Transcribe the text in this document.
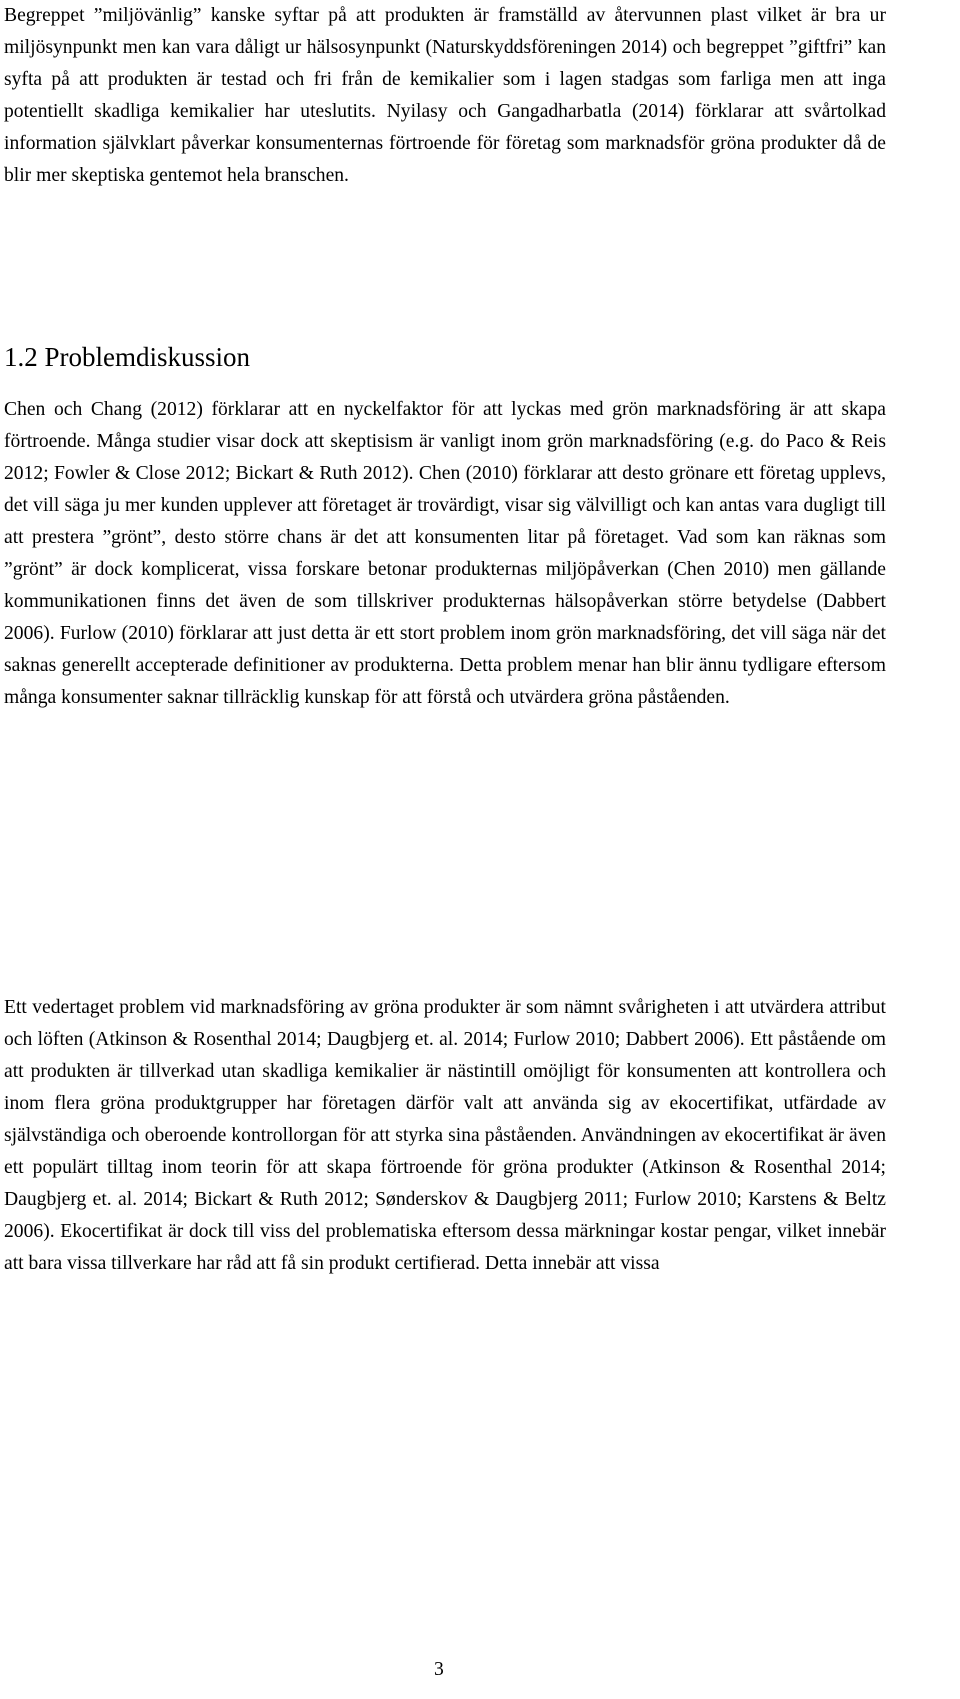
Begreppet ”miljövänlig” kanske syftar på att produkten är framställd av återvunnen plast vilket är bra ur miljösynpunkt men kan vara dåligt ur hälsosynpunkt (Naturskyddsföreningen 2014) och begreppet ”giftfri” kan syfta på att produkten är testad och fri från de kemikalier som i lagen stadgas som farliga men att inga potentiellt skadliga kemikalier har uteslutits. Nyilasy och Gangadharbatla (2014) förklarar att svårtolkad information självklart påverkar konsumenternas förtroende för företag som marknadsför gröna produkter då de blir mer skeptiska gentemot hela branschen.

1.2 Problemdiskussion

Chen och Chang (2012) förklarar att en nyckelfaktor för att lyckas med grön marknadsföring är att skapa förtroende. Många studier visar dock att skeptisism är vanligt inom grön marknadsföring (e.g. do Paco & Reis 2012; Fowler & Close 2012; Bickart & Ruth 2012). Chen (2010) förklarar att desto grönare ett företag upplevs, det vill säga ju mer kunden upplever att företaget är trovärdigt, visar sig välvilligt och kan antas vara dugligt till att prestera ”grönt”, desto större chans är det att konsumenten litar på företaget. Vad som kan räknas som ”grönt” är dock komplicerat, vissa forskare betonar produkternas miljöpåverkan (Chen 2010) men gällande kommunikationen finns det även de som tillskriver produkternas hälsopåverkan större betydelse (Dabbert 2006). Furlow (2010) förklarar att just detta är ett stort problem inom grön marknadsföring, det vill säga när det saknas generellt accepterade definitioner av produkterna. Detta problem menar han blir ännu tydligare eftersom många konsumenter saknar tillräcklig kunskap för att förstå och utvärdera gröna påståenden.

Ett vedertaget problem vid marknadsföring av gröna produkter är som nämnt svårigheten i att utvärdera attribut och löften (Atkinson & Rosenthal 2014; Daugbjerg et. al. 2014; Furlow 2010; Dabbert 2006). Ett påstående om att produkten är tillverkad utan skadliga kemikalier är nästintill omöjligt för konsumenten att kontrollera och inom flera gröna produktgrupper har företagen därför valt att använda sig av ekocertifikat, utfärdade av självständiga och oberoende kontrollorgan för att styrka sina påståenden. Användningen av ekocertifikat är även ett populärt tilltag inom teorin för att skapa förtroende för gröna produkter (Atkinson & Rosenthal 2014; Daugbjerg et. al. 2014; Bickart & Ruth 2012; Sønderskov & Daugbjerg 2011; Furlow 2010; Karstens & Beltz 2006). Ekocertifikat är dock till viss del problematiska eftersom dessa märkningar kostar pengar, vilket innebär att bara vissa tillverkare har råd att få sin produkt certifierad. Detta innebär att vissa

3
